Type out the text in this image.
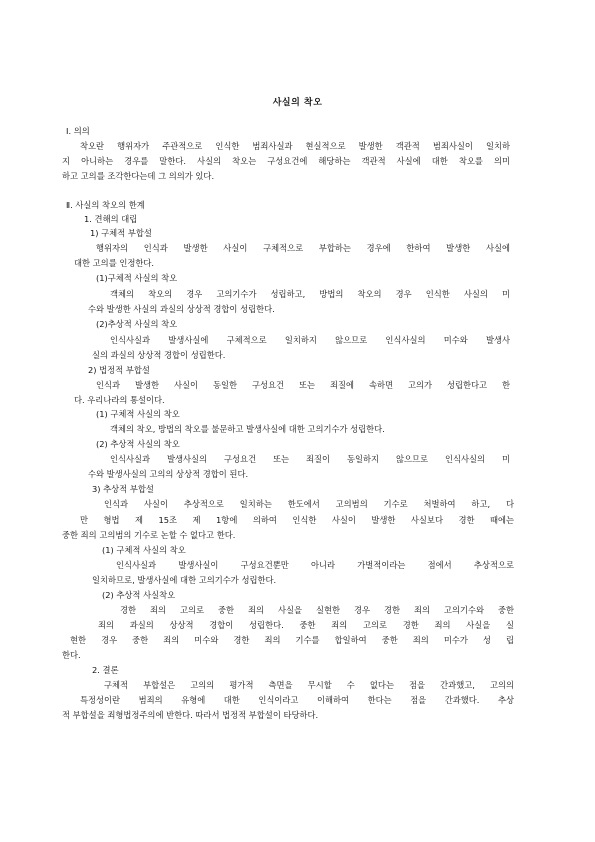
사실의 착오
Ⅰ. 의의
착오란 행위자가 주관적으로 인식한 범죄사실과 현실적으로 발생한 객관적 범죄사실이 일치하
지 아니하는 경우를 말한다. 사실의 착오는 구성요건에 해당하는 객관적 사실에 대한 착오를 의미
하고 고의를 조각한다는데 그 의의가 있다.
Ⅱ. 사실의 착오의 한계
1. 견해의 대립
1) 구체적 부합설
행위자의 인식과 발생한 사실이 구체적으로 부합하는 경우에 한하여 발생한 사실에
대한 고의를 인정한다.
(1)구체적 사실의 착오
객체의 착오의 경우 고의기수가 성립하고, 방법의 착오의 경우 인식한 사실의 미
수와 발생한 사실의 과실의 상상적 경합이 성립한다.
(2)추상적 사실의 착오
인식사실과 발생사실에 구체적으로 일치하지 않으므로 인식사실의 미수와 발생사
실의 과실의 상상적 경합이 성립한다.
2) 법정적 부합설
인식과 발생한 사실이 동일한 구성요건 또는 죄질에 속하면 고의가 성립한다고 한
다. 우리나라의 통설이다.
(1) 구체적 사실의 착오
객체의 착오, 방법의 착오를 불문하고 발생사실에 대한 고의기수가 성립한다.
(2) 추상적 사실의 착오
인식사실과 발생사실의 구성요건 또는 죄질이 동일하지 않으므로 인식사실의 미
수와 발생사실의 고의의 상상적 경합이 된다.
3) 추상적 부합설
인식과 사실이 추상적으로 일치하는 한도에서 고의범의 기수로 처벌하여 하고, 다
만 형법 제 15조 제 1항에 의하여 인식한 사실이 발생한 사실보다 경한 때에는
중한 죄의 고의범의 기수로 논할 수 없다고 한다.
(1) 구체적 사실의 착오
인식사실과 발생사실이 구성요건뿐만 아니라 가벌적이라는 점에서 추상적으로
일치하므로, 발생사실에 대한 고의기수가 성립한다.
(2) 추상적 사실착오
경한 죄의 고의로 중한 죄의 사실을 실현한 경우 경한 죄의 고의기수와 중한
죄의 과실의 상상적 경합이 성립한다. 중한 죄의 고의로 경한 죄의 사실을 실
현한 경우 중한 죄의 미수와 경한 죄의 기수를 합일하여 중한 죄의 미수가 성 립
한다.
2. 결론
구체적 부합설은 고의의 평가적 측면을 무시할 수 없다는 점을 간과했고, 고의의
특정성이란 범죄의 유형에 대한 인식이라고 이해하여 한다는 점을 간과했다. 추상
적 부합설을 죄형법정주의에 반한다. 따라서 법정적 부합설이 타당하다.
